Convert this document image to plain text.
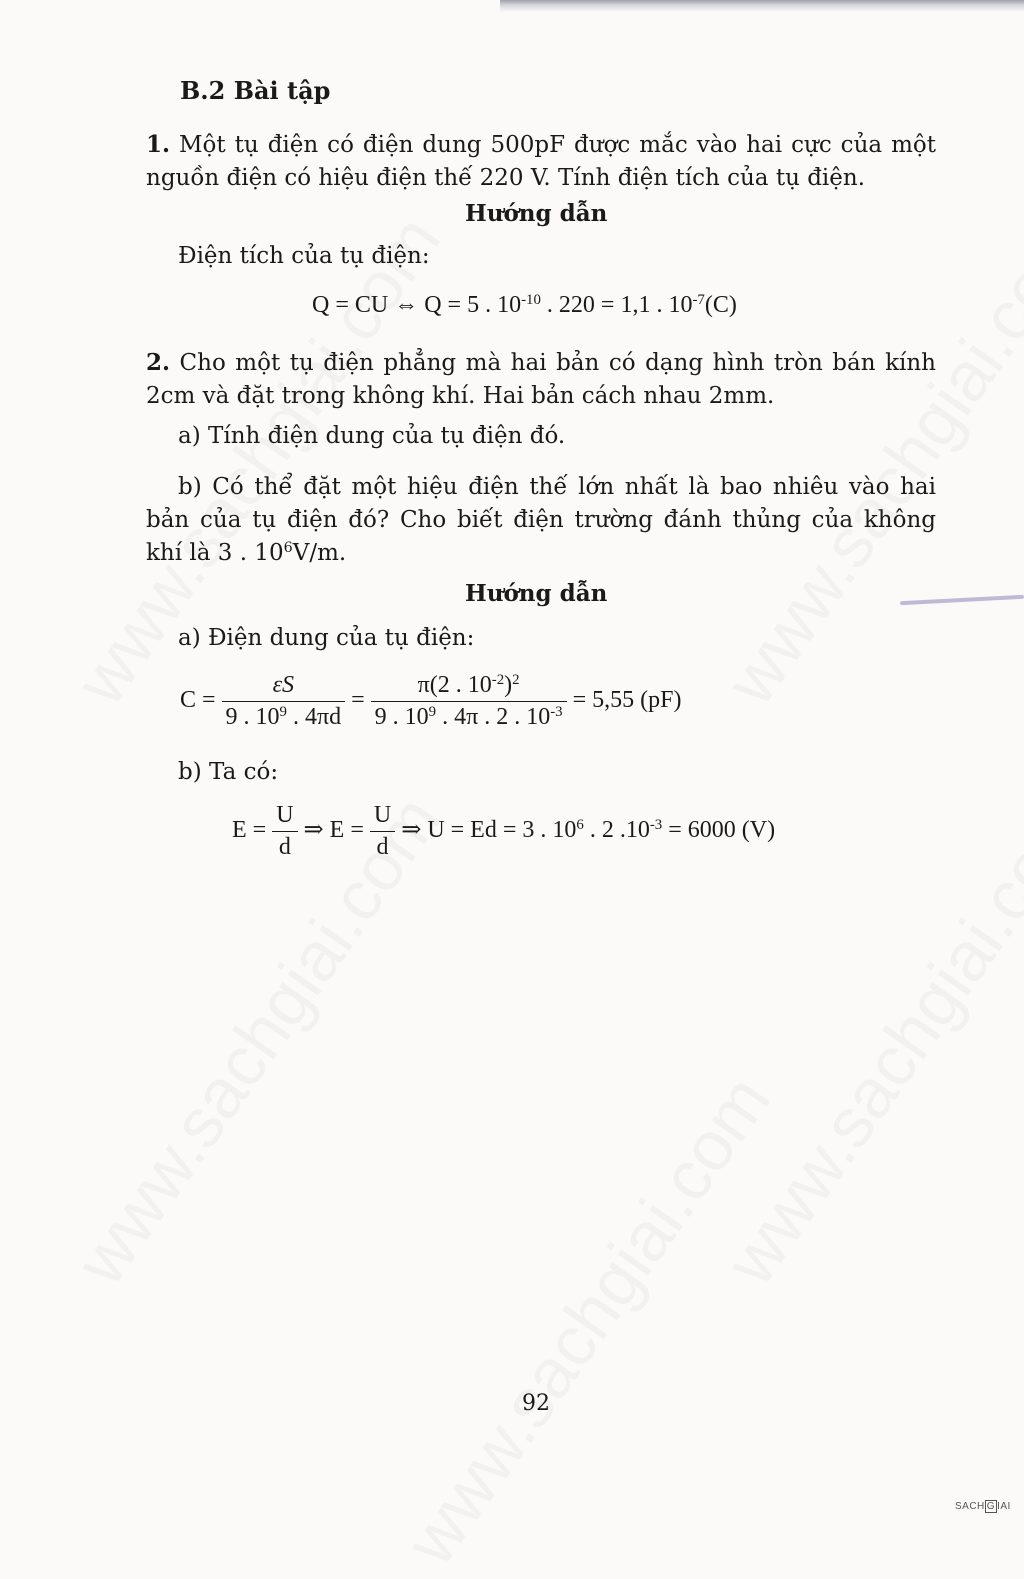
B.2 Bài tập
1. Một tụ điện có điện dung 500pF được mắc vào hai cực của một nguồn điện có hiệu điện thế 220 V. Tính điện tích của tụ điện.
Hướng dẫn
Điện tích của tụ điện:
Q = CU ⇔ Q = 5 . $10^{-10}$ . 220 = 1,1 . $10^{-7}(C)$
2. Cho một tụ điện phẳng mà hai bản có dạng hình tròn bán kính 2cm và đặt trong không khí. Hai bản cách nhau 2mm.
a) Tính điện dung của tụ điện đó.
b) Có thể đặt một hiệu điện thế lớn nhất là bao nhiêu vào hai bản của tụ điện đó? Cho biết điện trường đánh thủng của không khí là 3 . $10^6V/m$.
Hướng dẫn
a) Điện dung của tụ điện:
$C = \frac{\varepsilon S}{9 . 10^9 . 4\pi d} = \frac{\pi(2 . 10^{-2})^2}{9 . 10^9 . 4\pi . 2 . 10^{-3}} = 5,55$ (pF)
b) Ta có:
$E = \frac{U}{d}$ ⇒ $E = \frac{U}{d}$ ⇒ U = Ed = 3 . $10^6$ . 2 $.10^{-3} = 6000$ (V)
92
SACH G IAI
